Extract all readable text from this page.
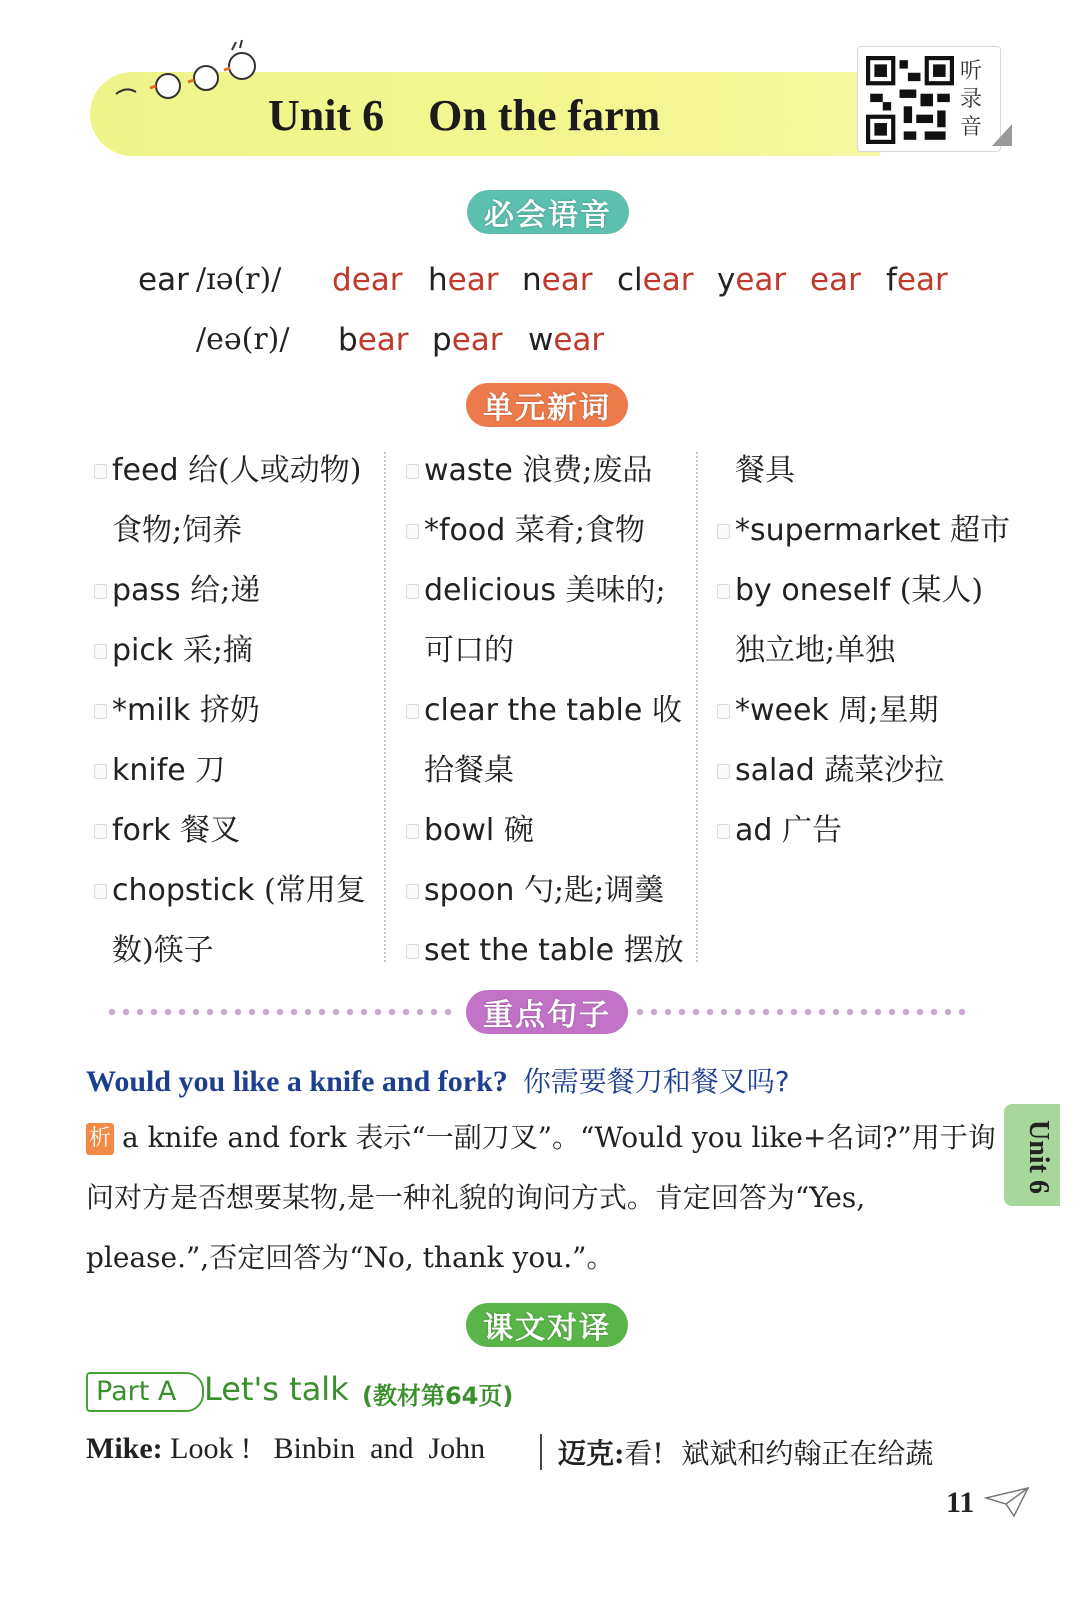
Unit 6    On the farm
听录音
必会语音
ear /ɪə(r)/ dear hear near clear year ear fear
/eə(r)/ bear pear wear
单元新词
feed 给(人或动物)
食物;饲养
pass 给;递
pick 采;摘
*milk 挤奶
knife 刀
fork 餐叉
chopstick (常用复
数)筷子
waste 浪费;废品
*food 菜肴;食物
delicious 美味的;
可口的
clear the table 收
拾餐桌
bowl 碗
spoon 勺;匙;调羹
set the table 摆放
餐具
*supermarket 超市
by oneself (某人)
独立地;单独
*week 周;星期
salad 蔬菜沙拉
ad 广告
重点句子
Would you like a knife and fork? 你需要餐刀和餐叉吗?
析 a knife and fork 表示“一副刀叉”。“Would you like+名词?”用于询
问对方是否想要某物,是一种礼貌的询问方式。肯定回答为“Yes,
please.”,否定回答为“No, thank you.”。
Unit 6
课文对译
Part A Let's talk (教材第64页)
Mike: Look !   Binbin  and  John	迈克:看!  斌斌和约翰正在给蔬
11
